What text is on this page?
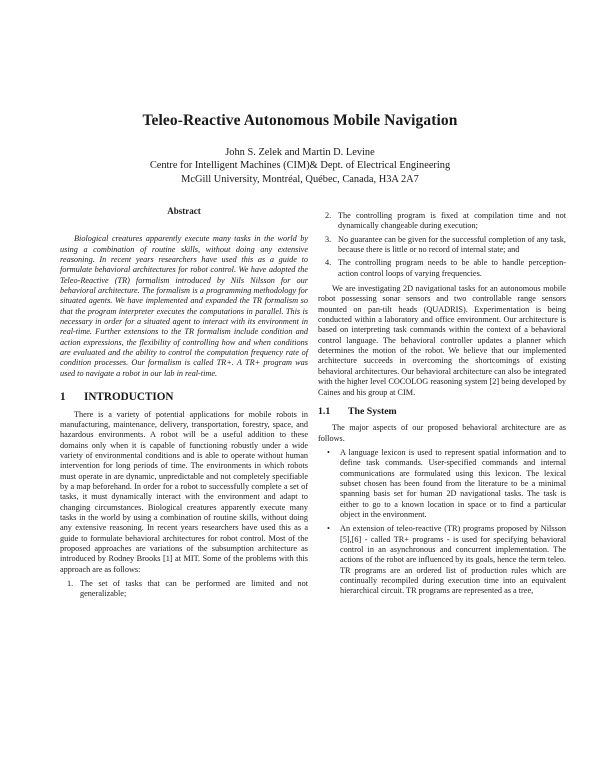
Teleo-Reactive Autonomous Mobile Navigation
John S. Zelek and Martin D. Levine
Centre for Intelligent Machines (CIM)& Dept. of Electrical Engineering
McGill University, Montréal, Québec, Canada, H3A 2A7
Abstract

Biological creatures apparently execute many tasks in the world by using a combination of routine skills, without doing any extensive reasoning. In recent years researchers have used this as a guide to formulate behavioral architectures for robot control. We have adopted the Teleo-Reactive (TR) formalism introduced by Nils Nilsson for our behavioral architecture. The formalism is a programming methodology for situated agents. We have implemented and expanded the TR formalism so that the program interpreter executes the computations in parallel. This is necessary in order for a situated agent to interact with its environment in real-time. Further extensions to the TR formalism include condition and action expressions, the flexibility of controlling how and when conditions are evaluated and the ability to control the computation frequency rate of condition processes. Our formalism is called TR+. A TR+ program was used to navigate a robot in our lab in real-time.

1 INTRODUCTION

There is a variety of potential applications for mobile robots in manufacturing, maintenance, delivery, transportation, forestry, space, and hazardous environments. A robot will be a useful addition to these domains only when it is capable of functioning robustly under a wide variety of environmental conditions and is able to operate without human intervention for long periods of time. The environments in which robots must operate in are dynamic, unpredictable and not completely specifiable by a map beforehand. In order for a robot to successfully complete a set of tasks, it must dynamically interact with the environment and adapt to changing circumstances. Biological creatures apparently execute many tasks in the world by using a combination of routine skills, without doing any extensive reasoning. In recent years researchers have used this as a guide to formulate behavioral architectures for robot control. Most of the proposed approaches are variations of the subsumption architecture as introduced by Rodney Brooks [1] at MIT. Some of the problems with this approach are as follows:

1. The set of tasks that can be performed are limited and not generalizable;
2. The controlling program is fixed at compilation time and not dynamically changeable during execution;
3. No guarantee can be given for the successful completion of any task, because there is little or no record of internal state; and
4. The controlling program needs to be able to handle perception-action control loops of varying frequencies.

We are investigating 2D navigational tasks for an autonomous mobile robot possessing sonar sensors and two controllable range sensors mounted on pan-tilt heads (QUADRIS). Experimentation is being conducted within a laboratory and office environment. Our architecture is based on interpreting task commands within the context of a behavioral control language. The behavioral controller updates a planner which determines the motion of the robot. We believe that our implemented architecture succeeds in overcoming the shortcomings of existing behavioral architectures. Our behavioral architecture can also be integrated with the higher level COCOLOG reasoning system [2] being developed by Caines and his group at CIM.

1.1 The System

The major aspects of our proposed behavioral architecture are as follows.

• A language lexicon is used to represent spatial information and to define task commands. User-specified commands and internal communications are formulated using this lexicon. The lexical subset chosen has been found from the literature to be a minimal spanning basis set for human 2D navigational tasks. The task is either to go to a known location in space or to find a particular object in the environment.
• An extension of teleo-reactive (TR) programs proposed by Nilsson [5],[6] - called TR+ programs - is used for specifying behavioral control in an asynchronous and concurrent implementation. The actions of the robot are influenced by its goals, hence the term teleo. TR programs are an ordered list of production rules which are continually recompiled during execution time into an equivalent hierarchical circuit. TR programs are represented as a tree,
